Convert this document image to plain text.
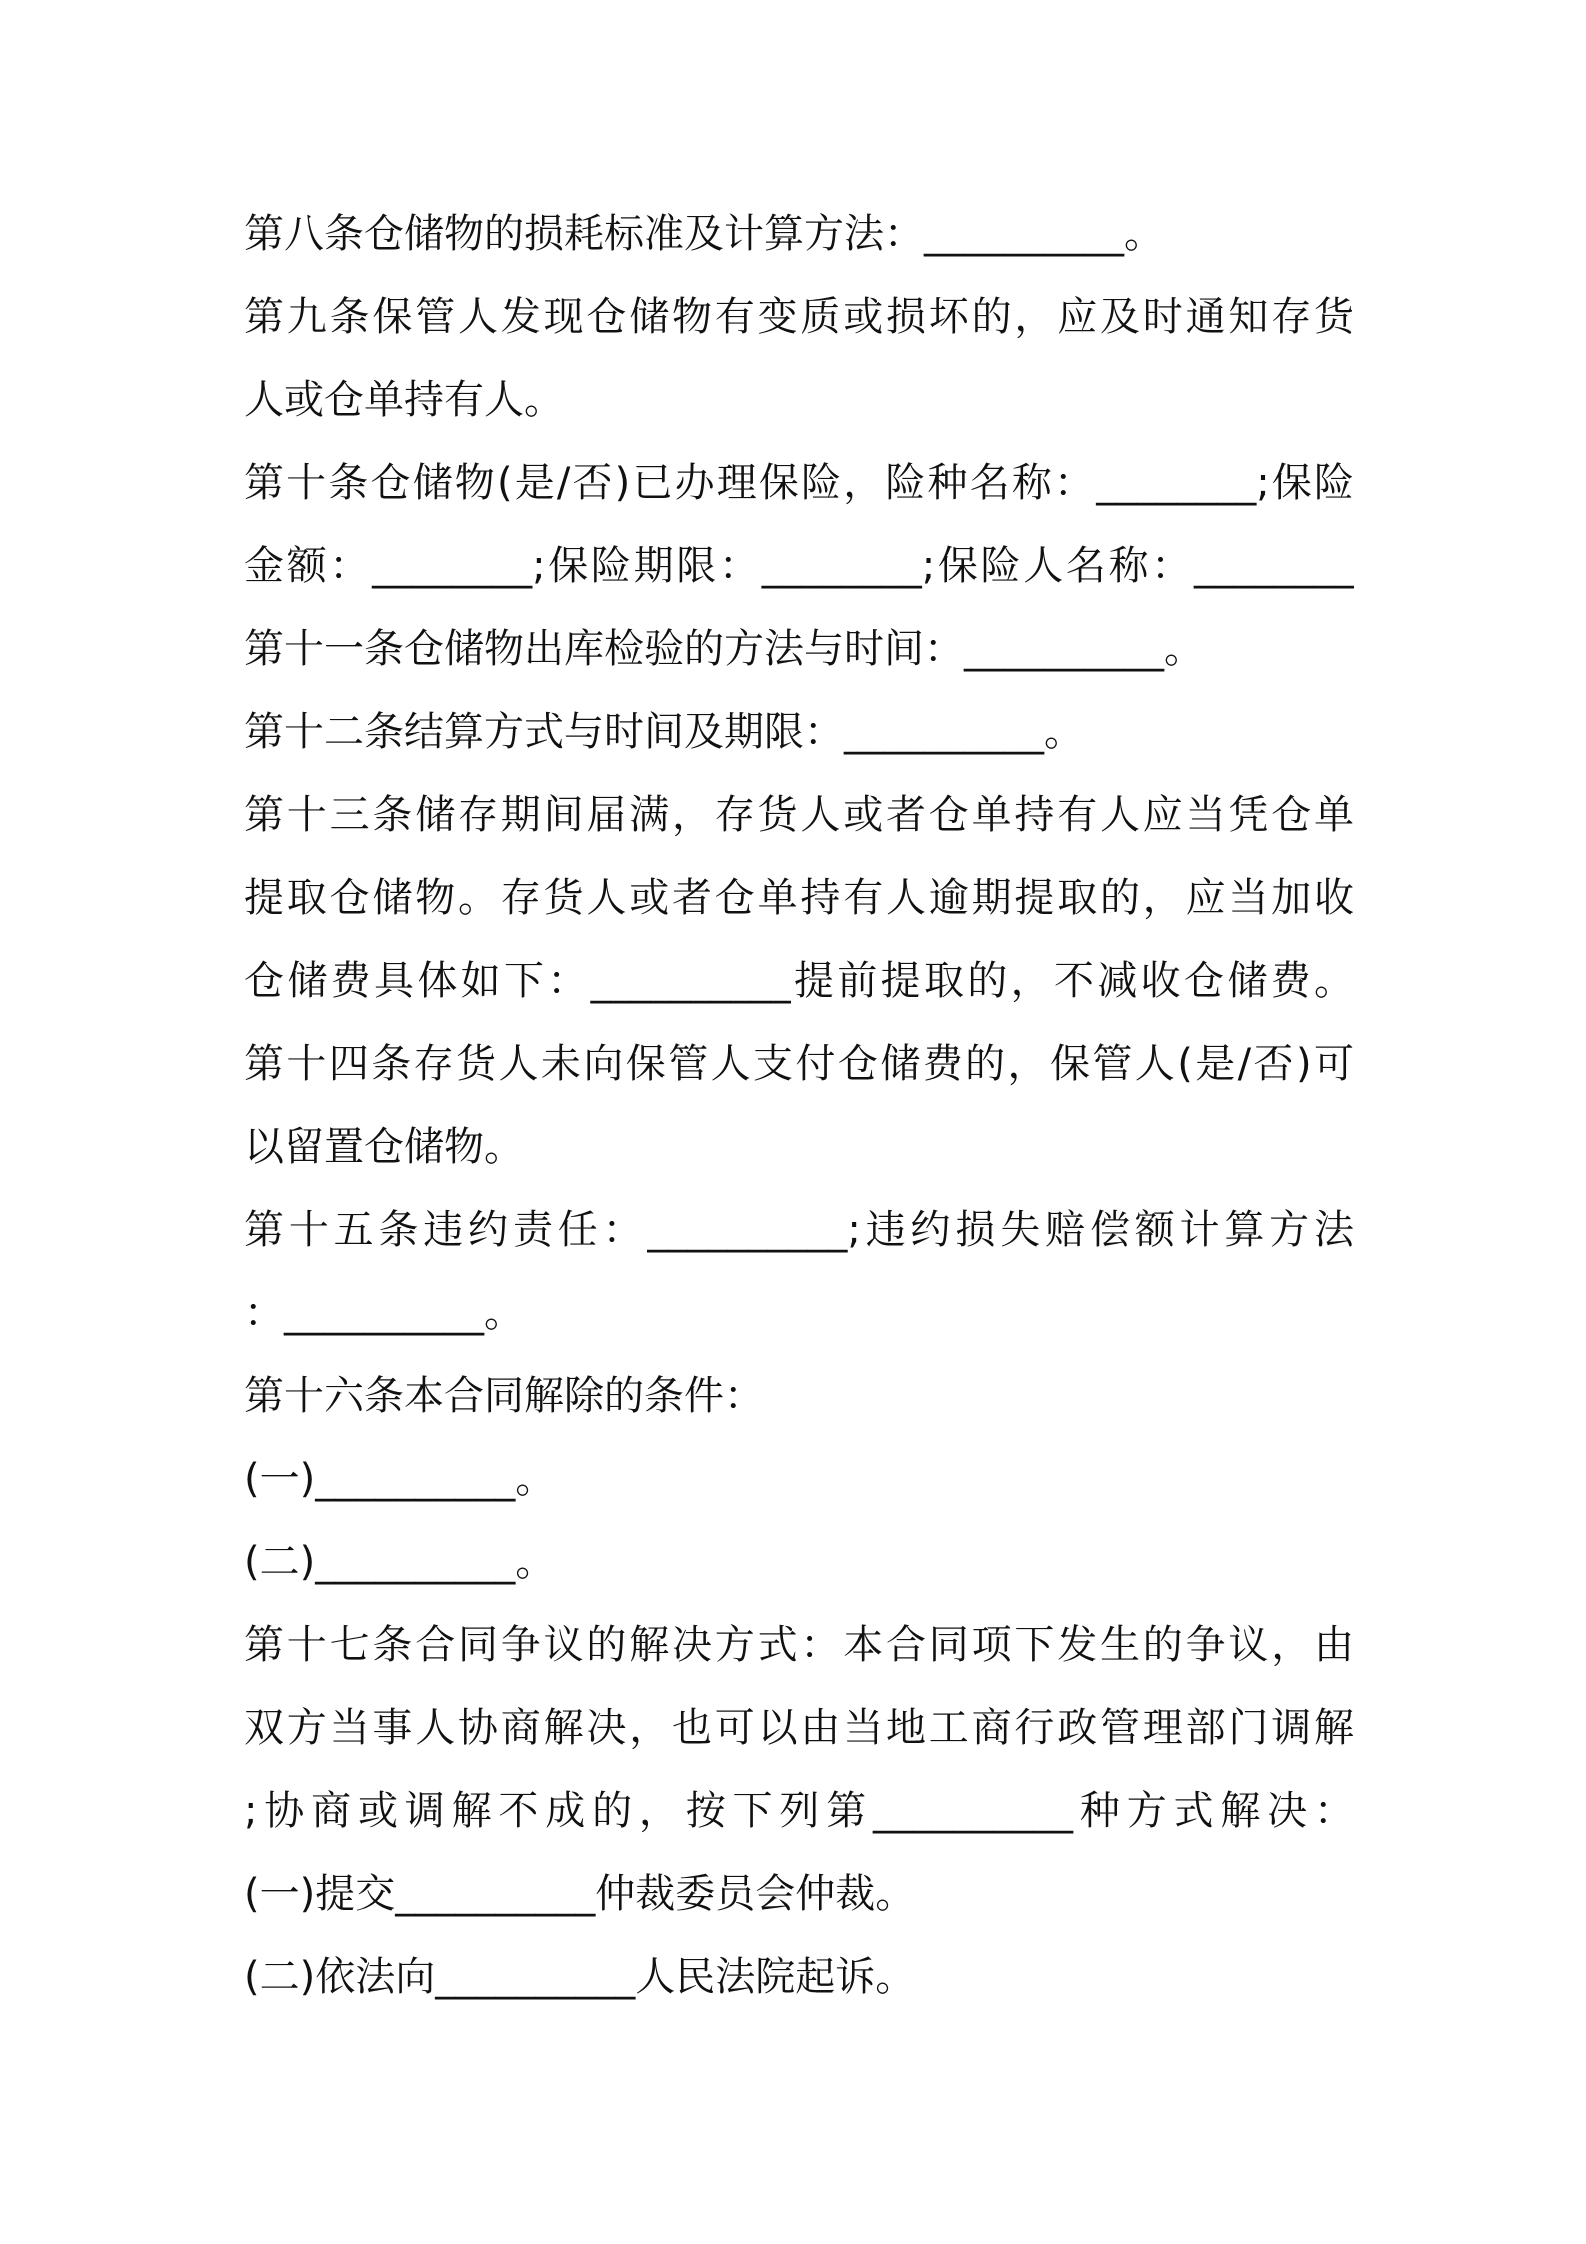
第八条仓储物的损耗标准及计算方法：__________。
第九条保管人发现仓储物有变质或损坏的，应及时通知存货
人或仓单持有人。
第十条仓储物(是/否)已办理保险，险种名称：________;保险
金额：________;保险期限：________;保险人名称：________
第十一条仓储物出库检验的方法与时间：__________。
第十二条结算方式与时间及期限：__________。
第十三条储存期间届满，存货人或者仓单持有人应当凭仓单
提取仓储物。存货人或者仓单持有人逾期提取的，应当加收
仓储费具体如下：__________提前提取的，不减收仓储费。
第十四条存货人未向保管人支付仓储费的，保管人(是/否)可
以留置仓储物。
第十五条违约责任：__________;违约损失赔偿额计算方法
：__________。
第十六条本合同解除的条件：
(一)__________。
(二)__________。
第十七条合同争议的解决方式：本合同项下发生的争议，由
双方当事人协商解决，也可以由当地工商行政管理部门调解
;协商或调解不成的，按下列第__________种方式解决：
(一)提交__________仲裁委员会仲裁。
(二)依法向__________人民法院起诉。
